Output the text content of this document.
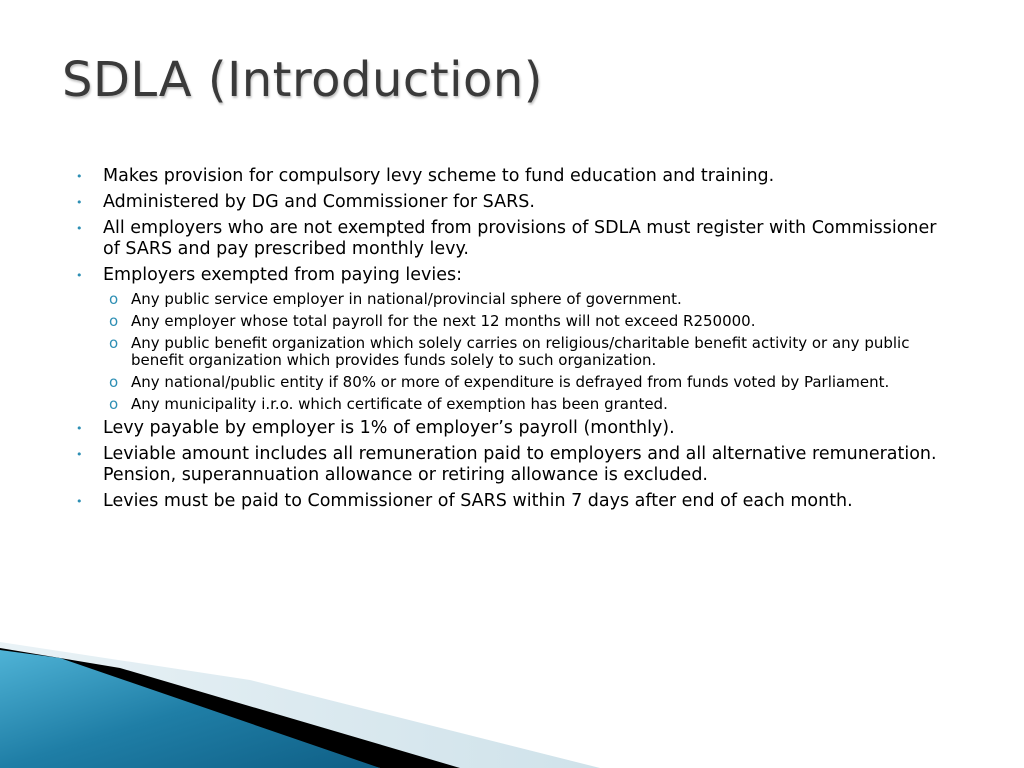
SDLA (Introduction)
• Makes provision for compulsory levy scheme to fund education and training.
• Administered by DG and Commissioner for SARS.
• All employers who are not exempted from provisions of SDLA must register with Commissioner of SARS and pay prescribed monthly levy.
• Employers exempted from paying levies:
o Any public service employer in national/provincial sphere of government.
o Any employer whose total payroll for the next 12 months will not exceed R250000.
o Any public benefit organization which solely carries on religious/charitable benefit activity or any public benefit organization which provides funds solely to such organization.
o Any national/public entity if 80% or more of expenditure is defrayed from funds voted by Parliament.
o Any municipality i.r.o. which certificate of exemption has been granted.
• Levy payable by employer is 1% of employer’s payroll (monthly).
• Leviable amount includes all remuneration paid to employers and all alternative remuneration. Pension, superannuation allowance or retiring allowance is excluded.
• Levies must be paid to Commissioner of SARS within 7 days after end of each month.
